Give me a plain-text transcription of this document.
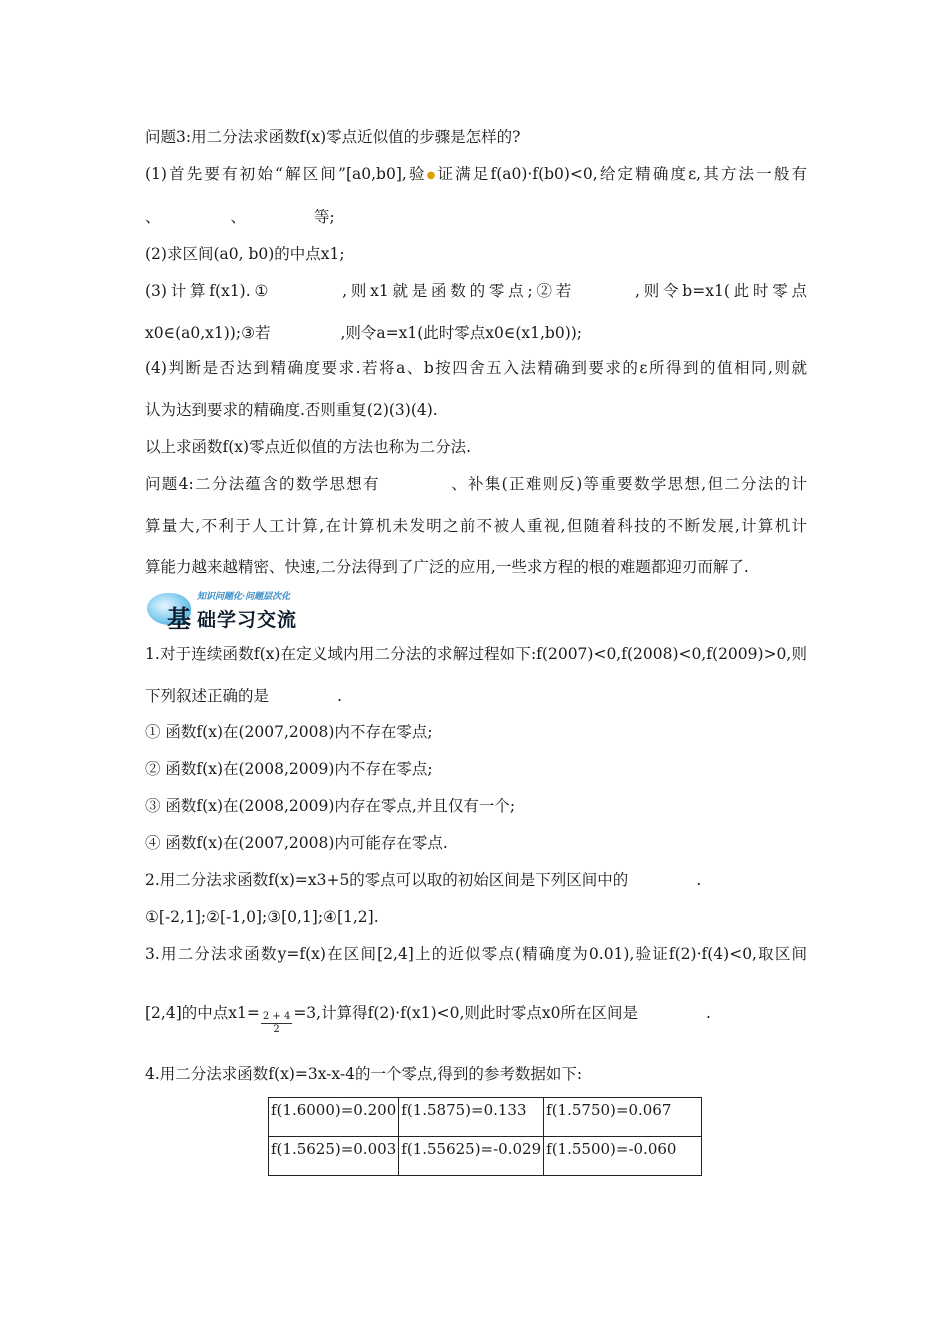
问题3:用二分法求函数f(x)零点近似值的步骤是怎样的?
(1)首先要有初始“解区间”[a0,b0],验●证满足f(a0)·f(b0)<0,给定精确度ε,其方法一般有
、	、	等;
(2)求区间(a0, b0)的中点x1;
(3)计算f(x1).①	,则x1就是函数的零点;②若	,则令b=x1(此时零点
x0∈(a0,x1));③若	,则令a=x1(此时零点x0∈(x1,b0));
(4)判断是否达到精确度要求.若将a、b按四舍五入法精确到要求的ε所得到的值相同,则就
认为达到要求的精确度.否则重复(2)(3)(4).
以上求函数f(x)零点近似值的方法也称为二分法.
问题4:二分法蕴含的数学思想有	、补集(正难则反)等重要数学思想,但二分法的计
算量大,不利于人工计算,在计算机未发明之前不被人重视,但随着科技的不断发展,计算机计
算能力越来越精密、快速,二分法得到了广泛的应用,一些求方程的根的难题都迎刃而解了.
知识问题化·问题层次化
基 础学习交流
1.对于连续函数f(x)在定义域内用二分法的求解过程如下:f(2007)<0,f(2008)<0,f(2009)>0,则
下列叙述正确的是	.
① 函数f(x)在(2007,2008)内不存在零点;
② 函数f(x)在(2008,2009)内不存在零点;
③ 函数f(x)在(2008,2009)内存在零点,并且仅有一个;
④ 函数f(x)在(2007,2008)内可能存在零点.
2.用二分法求函数f(x)=x3+5的零点可以取的初始区间是下列区间中的	.
①[-2,1];②[-1,0];③[0,1];④[1,2].
3.用二分法求函数y=f(x)在区间[2,4]上的近似零点(精确度为0.01),验证f(2)·f(4)<0,取区间
[2,4]的中点$x1= \frac{2 + 4}{2} =3$,计算得f(2)·f(x1)<0,则此时零点x0所在区间是	.
4.用二分法求函数f(x)=3x-x-4的一个零点,得到的参考数据如下:
f(1.6000)=0.200	f(1.5875)=0.133	f(1.5750)=0.067
f(1.5625)=0.003	f(1.55625)=-0.029	f(1.5500)=-0.060
